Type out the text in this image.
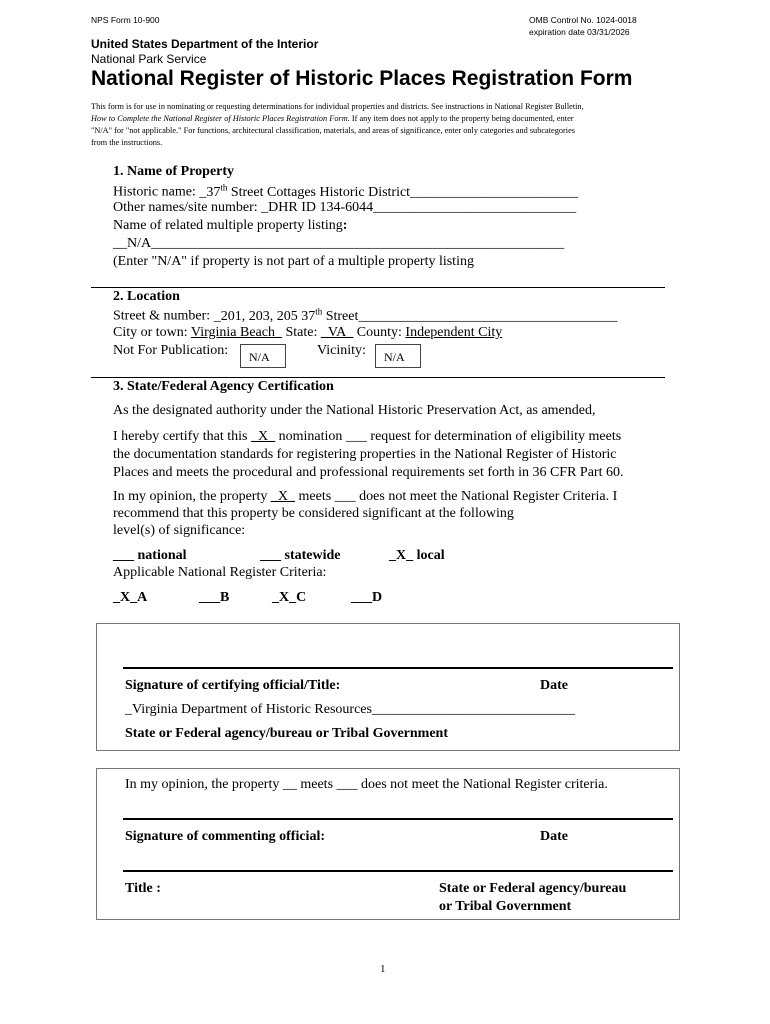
NPS Form 10-900	OMB Control No. 1024-0018
expiration date 03/31/2026
United States Department of the Interior
National Park Service
National Register of Historic Places Registration Form
This form is for use in nominating or requesting determinations for individual properties and districts. See instructions in National Register Bulletin,
How to Complete the National Register of Historic Places Registration Form. If any item does not apply to the property being documented, enter
"N/A" for "not applicable." For functions, architectural classification, materials, and areas of significance, enter only categories and subcategories
from the instructions.
1. Name of Property
Historic name: _37th Street Cottages Historic District________________________
Other names/site number: _DHR ID 134-6044_____________________________
Name of related multiple property listing:
__N/A___________________________________________________________
(Enter "N/A" if property is not part of a multiple property listing
2. Location
Street & number: _201, 203, 205 37th Street_____________________________________
City or town: Virginia Beach_ State: _VA_ County: Independent City
Not For Publication:	N/A	Vicinity:	N/A
3. State/Federal Agency Certification
As the designated authority under the National Historic Preservation Act, as amended,
I hereby certify that this _X_ nomination ___ request for determination of eligibility meets
the documentation standards for registering properties in the National Register of Historic
Places and meets the procedural and professional requirements set forth in 36 CFR Part 60.
In my opinion, the property _X_ meets ___ does not meet the National Register Criteria. I
recommend that this property be considered significant at the following
level(s) of significance:
___ national	___ statewide	_X_ local
Applicable National Register Criteria:
_X_A	___B	_X_C	___D
Signature of certifying official/Title:	Date
_Virginia Department of Historic Resources_____________________________
State or Federal agency/bureau or Tribal Government
In my opinion, the property __ meets ___ does not meet the National Register criteria.
Signature of commenting official:	Date
Title :	State or Federal agency/bureau
or Tribal Government
1
